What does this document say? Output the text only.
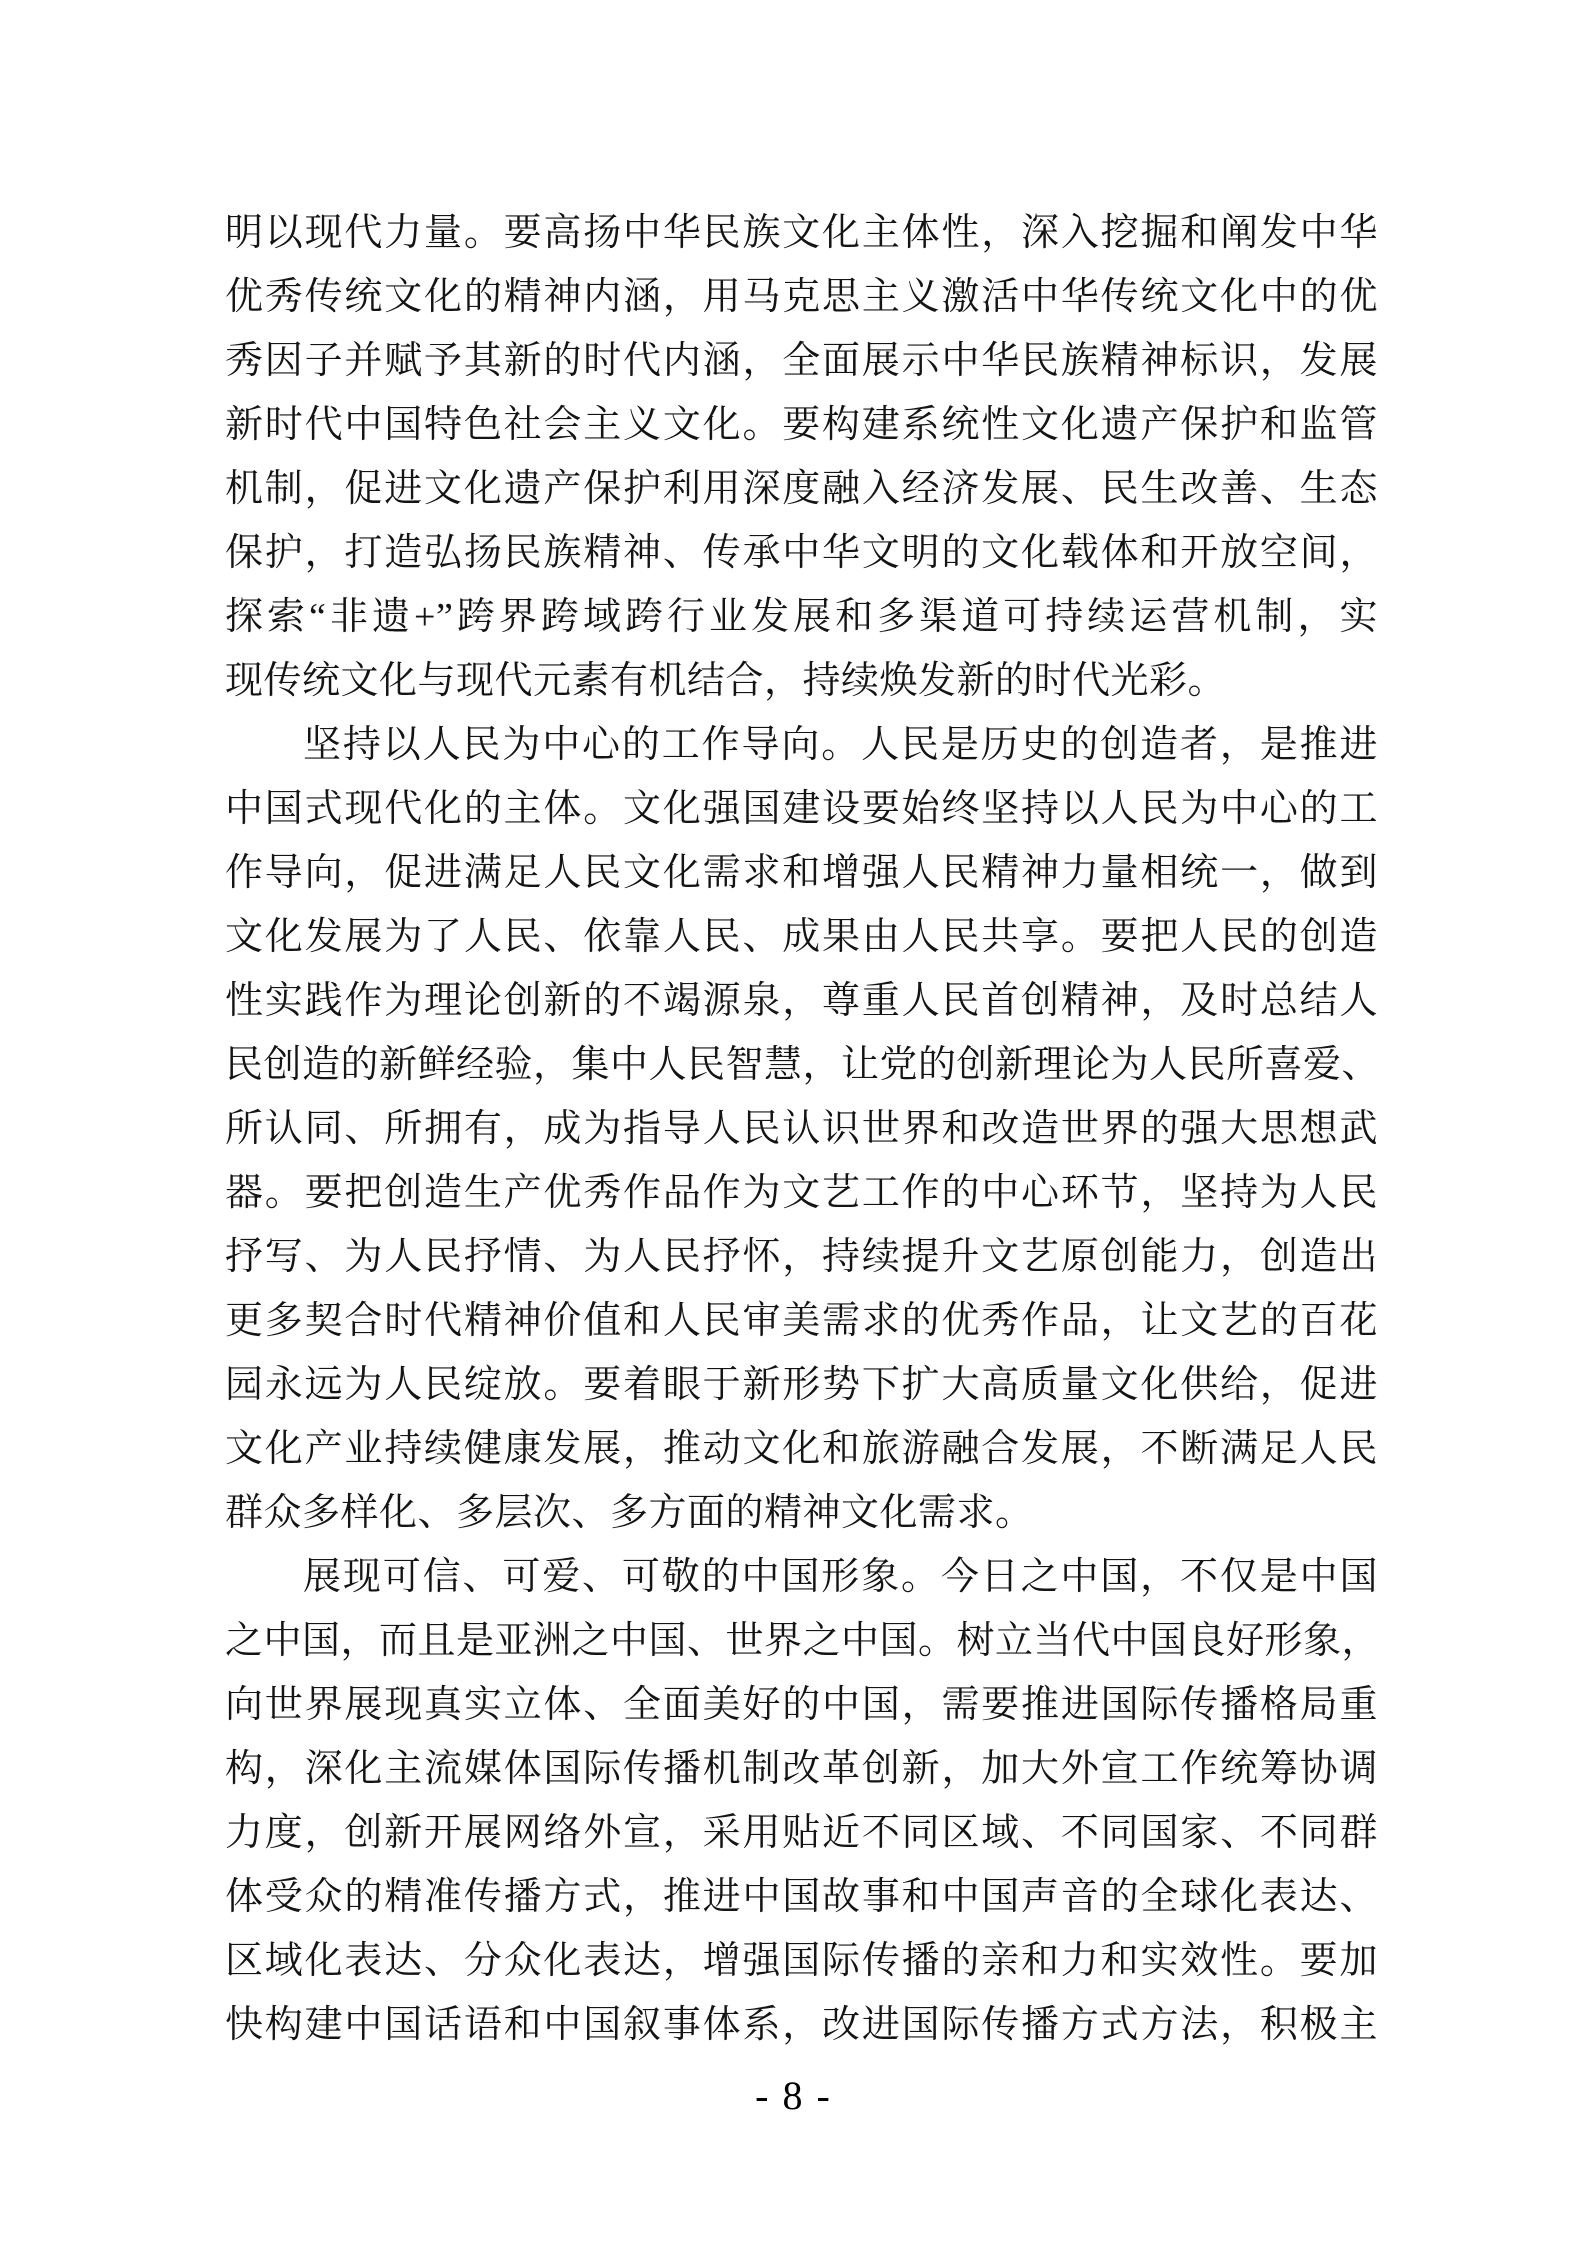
明以现代力量。要高扬中华民族文化主体性，深入挖掘和阐发中华
优秀传统文化的精神内涵，用马克思主义激活中华传统文化中的优
秀因子并赋予其新的时代内涵，全面展示中华民族精神标识，发展
新时代中国特色社会主义文化。要构建系统性文化遗产保护和监管
机制，促进文化遗产保护利用深度融入经济发展、民生改善、生态
保护，打造弘扬民族精神、传承中华文明的文化载体和开放空间，
探索“非遗+”跨界跨域跨行业发展和多渠道可持续运营机制，实
现传统文化与现代元素有机结合，持续焕发新的时代光彩。
坚持以人民为中心的工作导向。人民是历史的创造者，是推进
中国式现代化的主体。文化强国建设要始终坚持以人民为中心的工
作导向，促进满足人民文化需求和增强人民精神力量相统一，做到
文化发展为了人民、依靠人民、成果由人民共享。要把人民的创造
性实践作为理论创新的不竭源泉，尊重人民首创精神，及时总结人
民创造的新鲜经验，集中人民智慧，让党的创新理论为人民所喜爱、
所认同、所拥有，成为指导人民认识世界和改造世界的强大思想武
器。要把创造生产优秀作品作为文艺工作的中心环节，坚持为人民
抒写、为人民抒情、为人民抒怀，持续提升文艺原创能力，创造出
更多契合时代精神价值和人民审美需求的优秀作品，让文艺的百花
园永远为人民绽放。要着眼于新形势下扩大高质量文化供给，促进
文化产业持续健康发展，推动文化和旅游融合发展，不断满足人民
群众多样化、多层次、多方面的精神文化需求。
展现可信、可爱、可敬的中国形象。今日之中国，不仅是中国
之中国，而且是亚洲之中国、世界之中国。树立当代中国良好形象，
向世界展现真实立体、全面美好的中国，需要推进国际传播格局重
构，深化主流媒体国际传播机制改革创新，加大外宣工作统筹协调
力度，创新开展网络外宣，采用贴近不同区域、不同国家、不同群
体受众的精准传播方式，推进中国故事和中国声音的全球化表达、
区域化表达、分众化表达，增强国际传播的亲和力和实效性。要加
快构建中国话语和中国叙事体系，改进国际传播方式方法，积极主
- 8 -
